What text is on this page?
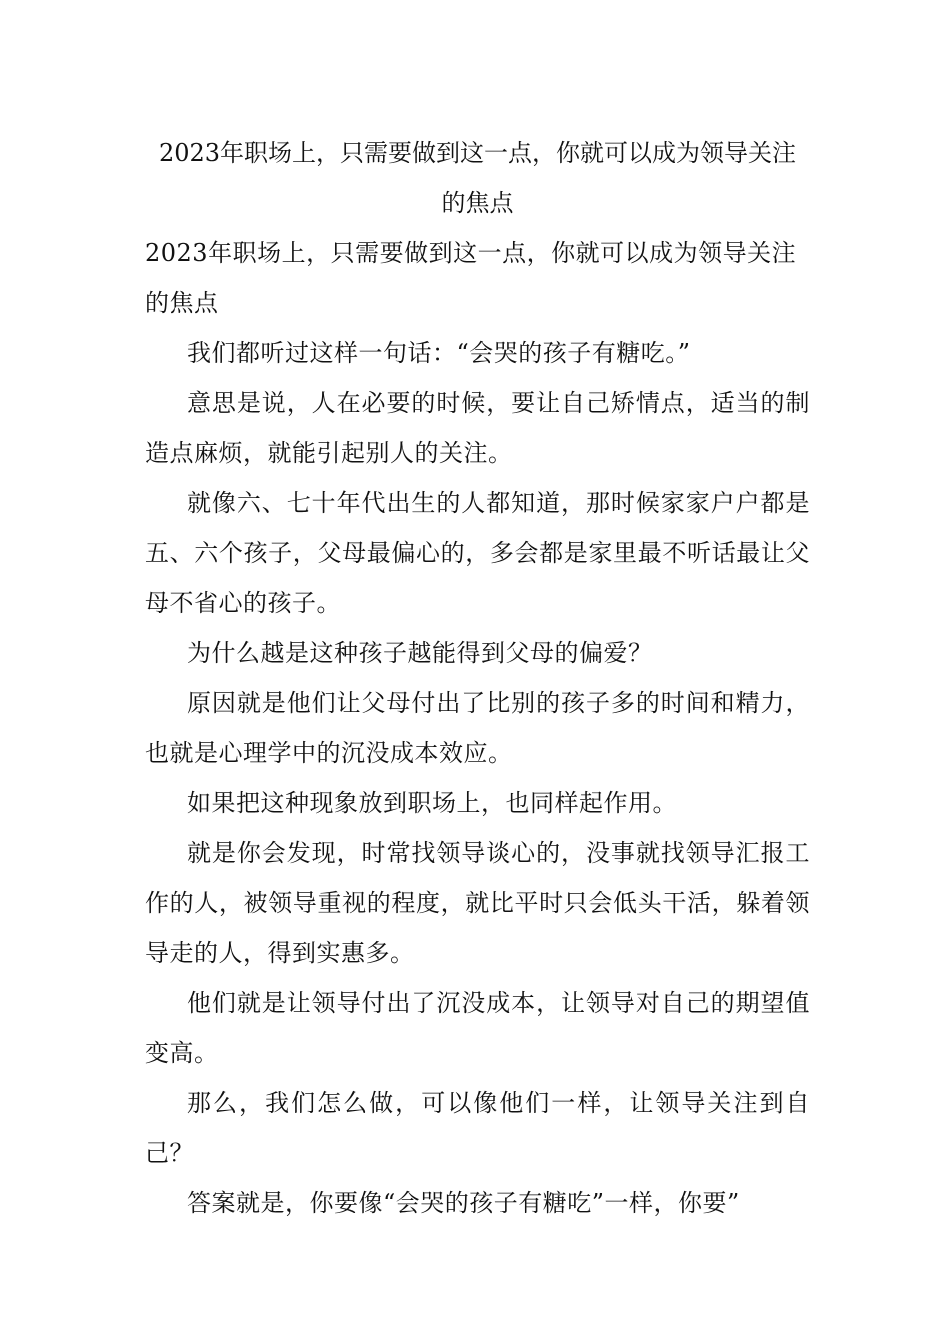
2023年职场上，只需要做到这一点，你就可以成为领导关注的焦点

2023年职场上，只需要做到这一点，你就可以成为领导关注的焦点

我们都听过这样一句话：“会哭的孩子有糖吃。”

意思是说，人在必要的时候，要让自己矫情点，适当的制造点麻烦，就能引起别人的关注。

就像六、七十年代出生的人都知道，那时候家家户户都是五、六个孩子，父母最偏心的，多会都是家里最不听话最让父母不省心的孩子。

为什么越是这种孩子越能得到父母的偏爱？

原因就是他们让父母付出了比别的孩子多的时间和精力，也就是心理学中的沉没成本效应。

如果把这种现象放到职场上，也同样起作用。

就是你会发现，时常找领导谈心的，没事就找领导汇报工作的人，被领导重视的程度，就比平时只会低头干活，躲着领导走的人，得到实惠多。

他们就是让领导付出了沉没成本，让领导对自己的期望值变高。

那么，我们怎么做，可以像他们一样，让领导关注到自己？

答案就是，你要像“会哭的孩子有糖吃”一样，你要”
